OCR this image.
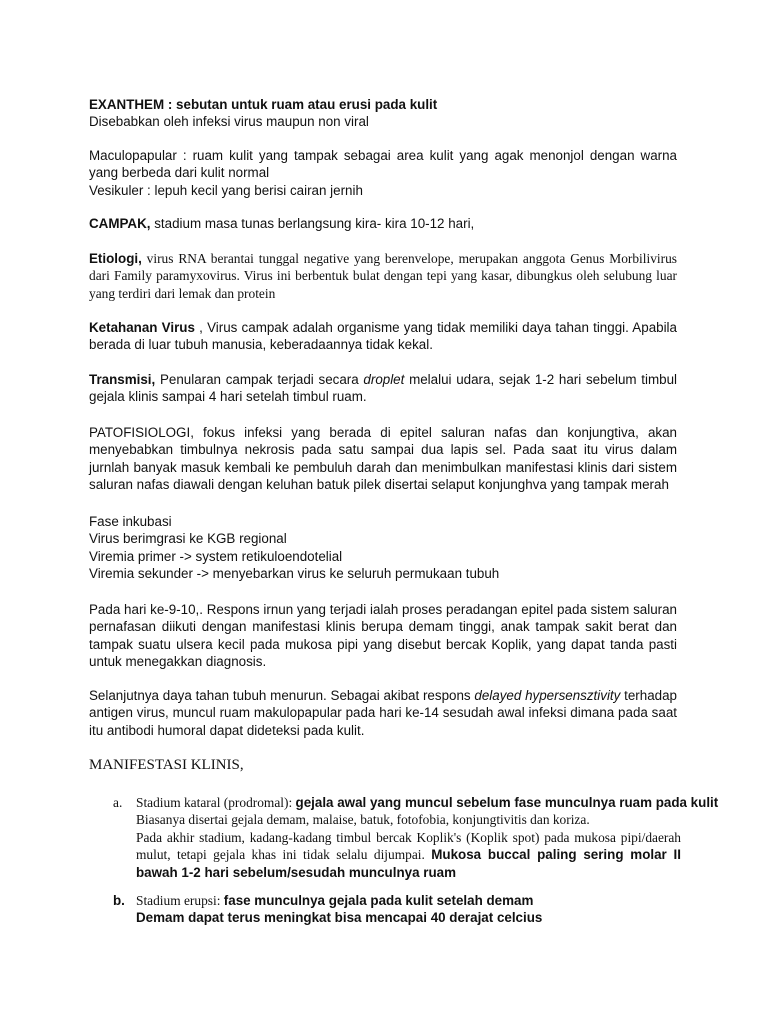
EXANTHEM : sebutan untuk ruam atau erusi pada kulit
Disebabkan oleh infeksi virus maupun non viral
Maculopapular : ruam kulit yang tampak sebagai area kulit yang agak menonjol dengan warna yang berbeda dari kulit normal
Vesikuler : lepuh kecil yang berisi cairan jernih
CAMPAK, stadium masa tunas berlangsung kira- kira 10-12 hari,
Etiologi, virus RNA berantai tunggal negative yang berenvelope, merupakan anggota Genus Morbilivirus dari Family paramyxovirus. Virus ini berbentuk bulat dengan tepi yang kasar, dibungkus oleh selubung luar yang terdiri dari lemak dan protein
Ketahanan Virus , Virus campak adalah organisme yang tidak memiliki daya tahan tinggi. Apabila berada di luar tubuh manusia, keberadaannya tidak kekal.
Transmisi, Penularan campak terjadi secara droplet melalui udara, sejak 1-2 hari sebelum timbul gejala klinis sampai 4 hari setelah timbul ruam.
PATOFISIOLOGI, fokus infeksi yang berada di epitel saluran nafas dan konjungtiva, akan menyebabkan timbulnya nekrosis pada satu sampai dua lapis sel. Pada saat itu virus dalam jurnlah banyak masuk kembali ke pembuluh darah dan menimbulkan manifestasi klinis dari sistem saluran nafas diawali dengan keluhan batuk pilek disertai selaput konjunghva yang tampak merah
Fase inkubasi
Virus berimgrasi ke KGB regional
Viremia primer -> system retikuloendotelial
Viremia sekunder -> menyebarkan virus ke seluruh permukaan tubuh
Pada hari ke-9-10,. Respons irnun yang terjadi ialah proses peradangan epitel pada sistem saluran pernafasan diikuti dengan manifestasi klinis berupa demam tinggi, anak tampak sakit berat dan tampak suatu ulsera kecil pada mukosa pipi yang disebut bercak Koplik, yang dapat tanda pasti untuk menegakkan diagnosis.
Selanjutnya daya tahan tubuh menurun. Sebagai akibat respons delayed hypersensztivity terhadap antigen virus, muncul ruam makulopapular pada hari ke-14 sesudah awal infeksi dimana pada saat itu antibodi humoral dapat dideteksi pada kulit.
MANIFESTASI KLINIS,
a. Stadium kataral (prodromal): gejala awal yang muncul sebelum fase munculnya ruam pada kulit
Biasanya disertai gejala demam, malaise, batuk, fotofobia, konjungtivitis dan koriza.
Pada akhir stadium, kadang-kadang timbul bercak Koplik's (Koplik spot) pada mukosa pipi/daerah mulut, tetapi gejala khas ini tidak selalu dijumpai. Mukosa buccal paling sering molar II bawah 1-2 hari sebelum/sesudah munculnya ruam
b. Stadium erupsi: fase munculnya gejala pada kulit setelah demam
Demam dapat terus meningkat bisa mencapai 40 derajat celcius
